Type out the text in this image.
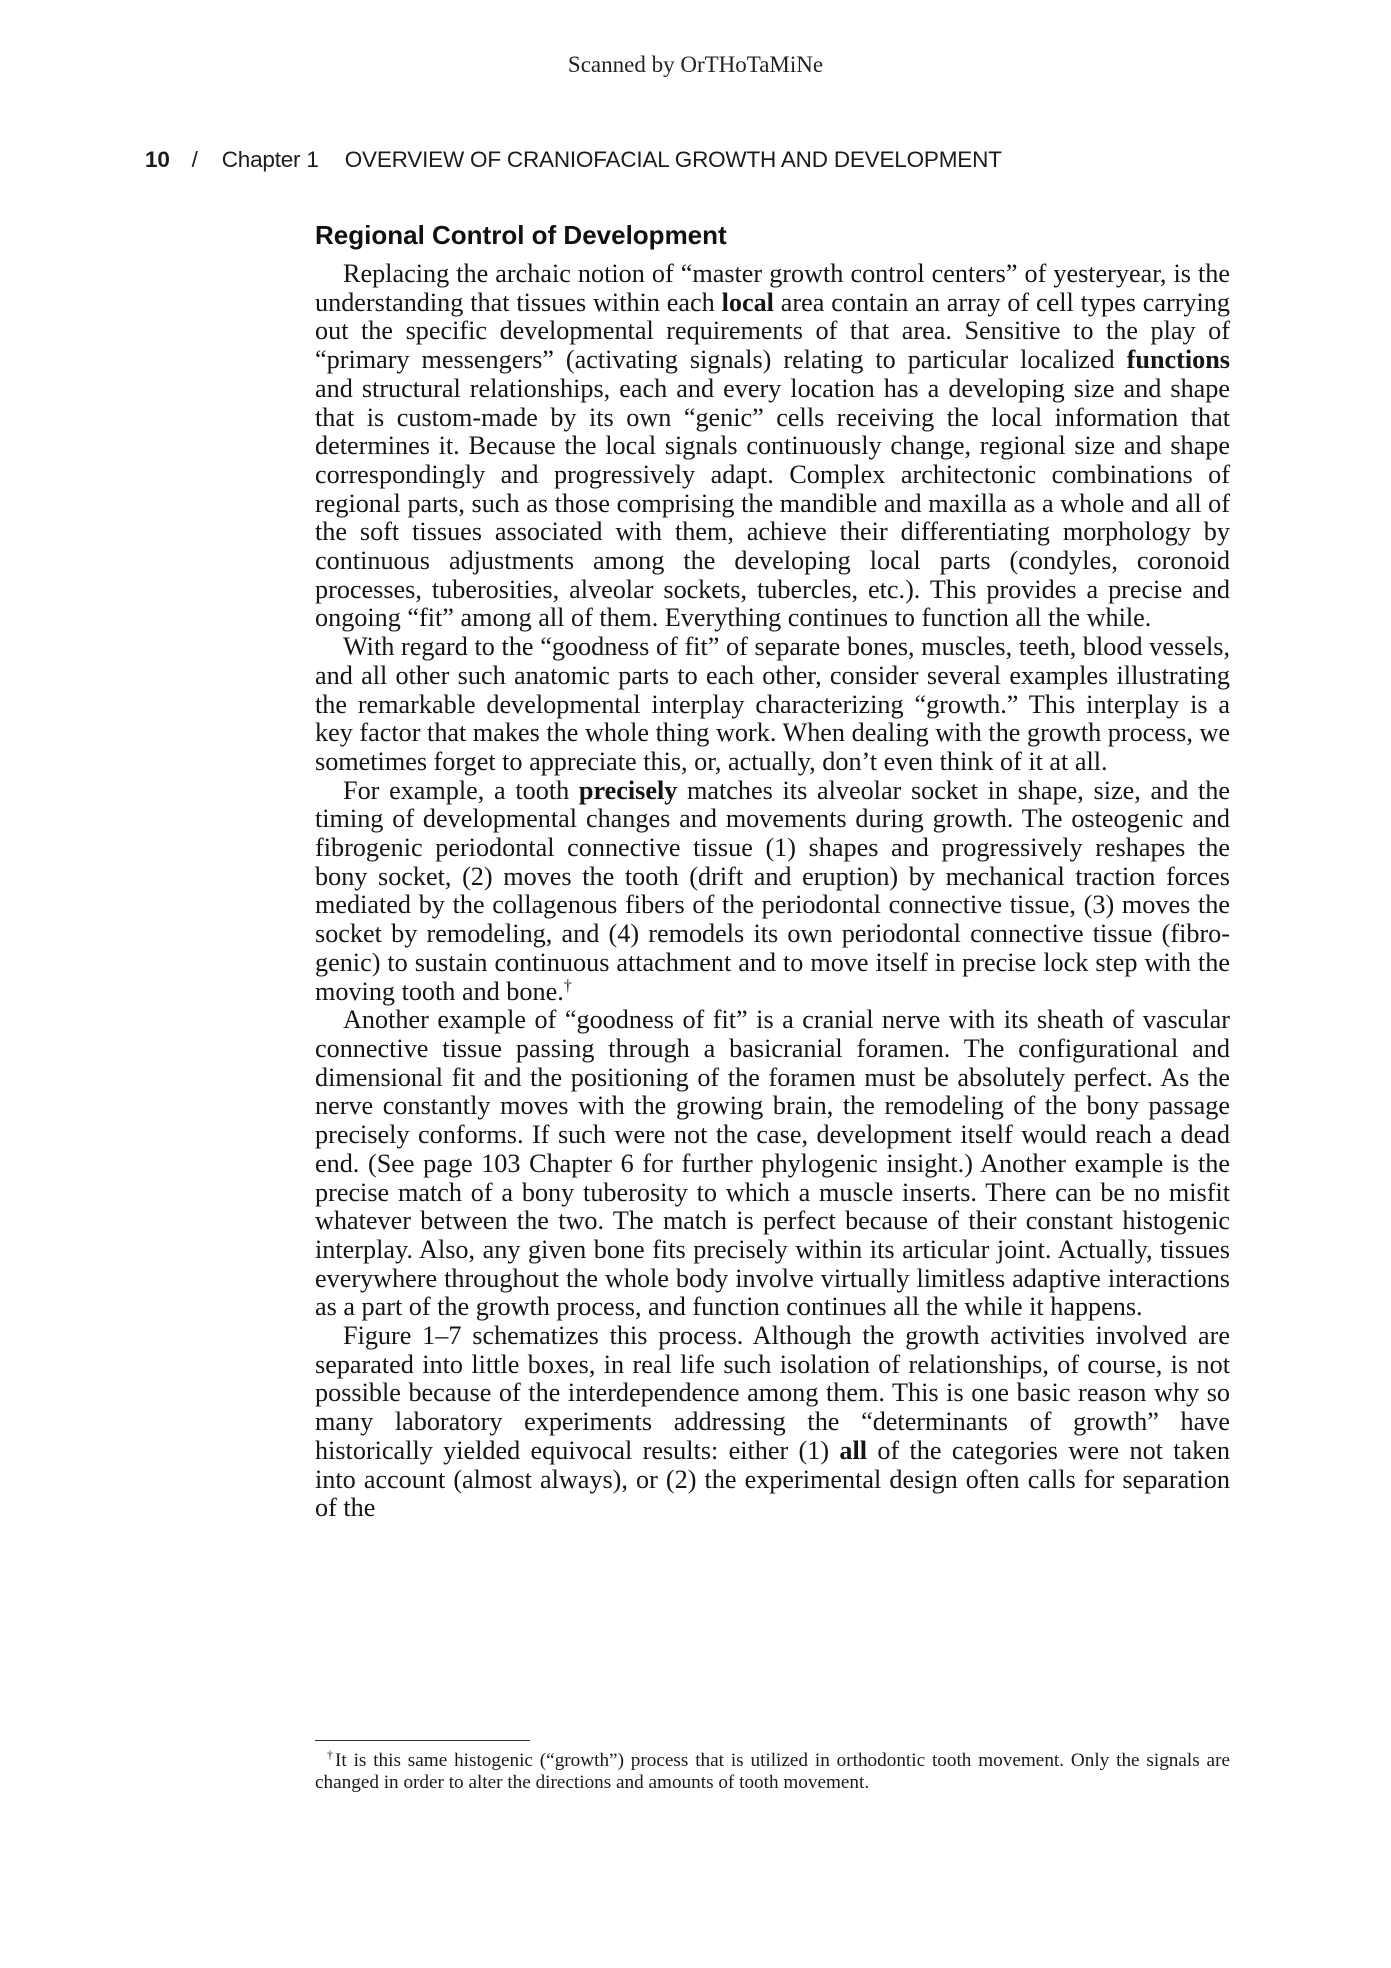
Scanned by OrTHoTaMiNe
10 / Chapter 1 OVERVIEW OF CRANIOFACIAL GROWTH AND DEVELOPMENT
Regional Control of Development

Replacing the archaic notion of “master growth control centers” of yesteryear, is the understanding that tissues within each local area contain an array of cell types carrying out the specific developmental requirements of that area. Sensitive to the play of “primary messengers” (activating signals) relating to particular localized functions and structural relationships, each and every location has a developing size and shape that is custom-made by its own “genic” cells receiving the local information that determines it. Because the local signals continuously change, regional size and shape correspondingly and progressively adapt. Complex architectonic combinations of regional parts, such as those comprising the mandible and maxilla as a whole and all of the soft tissues associated with them, achieve their differentiating morphology by continuous adjustments among the developing local parts (condyles, coronoid processes, tuberosities, alveolar sockets, tubercles, etc.). This provides a precise and ongoing “fit” among all of them. Everything continues to function all the while.

With regard to the “goodness of fit” of separate bones, muscles, teeth, blood vessels, and all other such anatomic parts to each other, consider several examples illustrating the remarkable developmental interplay characterizing “growth.” This interplay is a key factor that makes the whole thing work. When dealing with the growth process, we sometimes forget to appreciate this, or, actually, don’t even think of it at all.

For example, a tooth precisely matches its alveolar socket in shape, size, and the timing of developmental changes and movements during growth. The osteogenic and fibrogenic periodontal connective tissue (1) shapes and progressively reshapes the bony socket, (2) moves the tooth (drift and eruption) by mechanical traction forces mediated by the collagenous fibers of the periodontal connective tissue, (3) moves the socket by remodeling, and (4) remodels its own periodontal connective tissue (fibrogenic) to sustain continuous attachment and to move itself in precise lock step with the moving tooth and bone.†

Another example of “goodness of fit” is a cranial nerve with its sheath of vascular connective tissue passing through a basicranial foramen. The configurational and dimensional fit and the positioning of the foramen must be absolutely perfect. As the nerve constantly moves with the growing brain, the remodeling of the bony passage precisely conforms. If such were not the case, development itself would reach a dead end. (See page 103 Chapter 6 for further phylogenic insight.) Another example is the precise match of a bony tuberosity to which a muscle inserts. There can be no misfit whatever between the two. The match is perfect because of their constant histogenic interplay. Also, any given bone fits precisely within its articular joint. Actually, tissues everywhere throughout the whole body involve virtually limitless adaptive interactions as a part of the growth process, and function continues all the while it happens.

Figure 1–7 schematizes this process. Although the growth activities involved are separated into little boxes, in real life such isolation of relationships, of course, is not possible because of the interdependence among them. This is one basic reason why so many laboratory experiments addressing the “determinants of growth” have historically yielded equivocal results: either (1) all of the categories were not taken into account (almost always), or (2) the experimental design often calls for separation of the

†It is this same histogenic (“growth”) process that is utilized in orthodontic tooth movement. Only the signals are changed in order to alter the directions and amounts of tooth movement.
